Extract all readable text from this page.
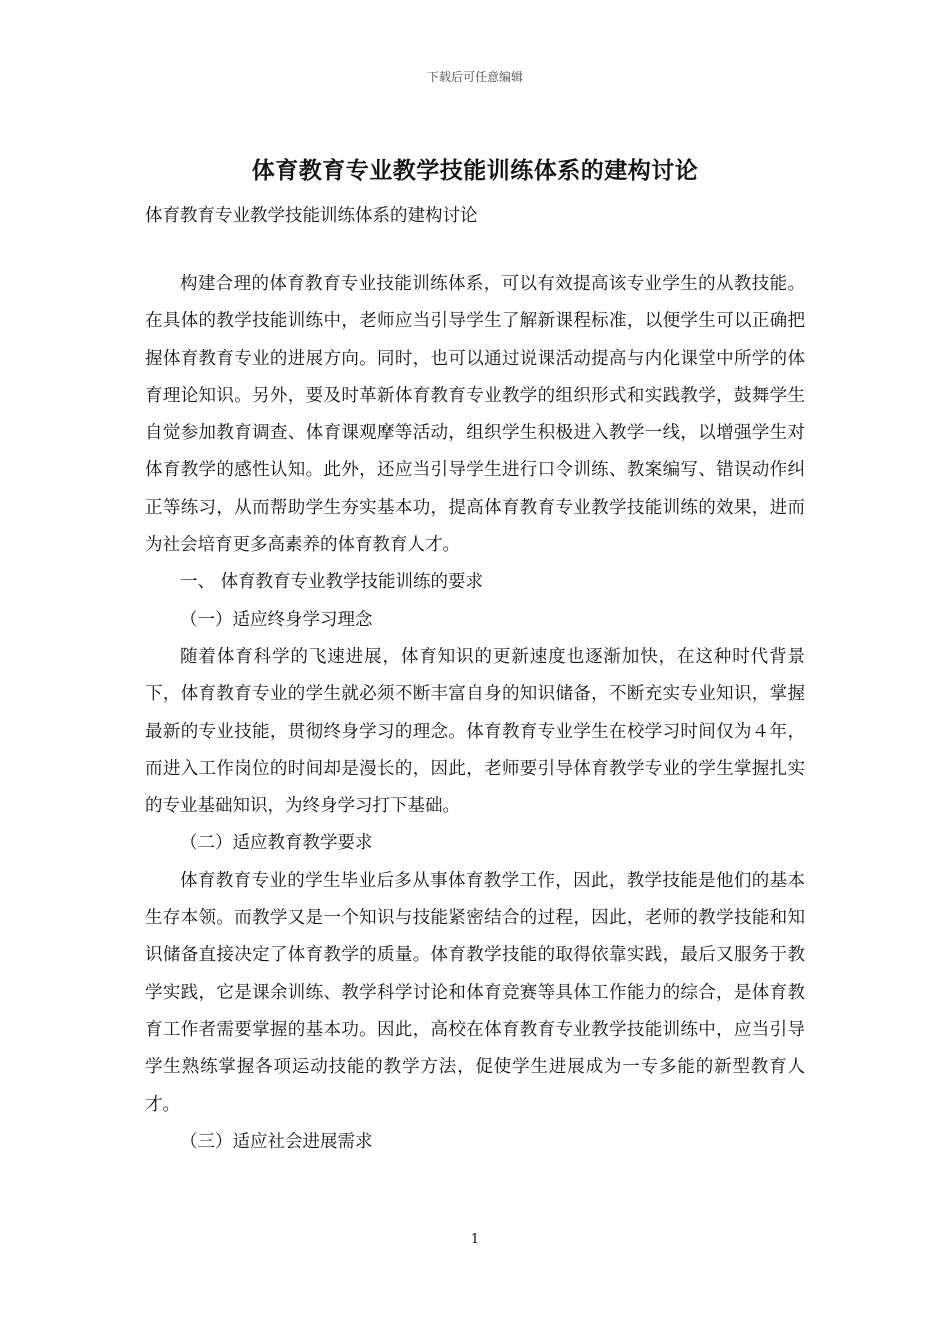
下载后可任意编辑
体育教育专业教学技能训练体系的建构讨论
体育教育专业教学技能训练体系的建构讨论

构建合理的体育教育专业技能训练体系，可以有效提高该专业学生的从教技能。在具体的教学技能训练中，老师应当引导学生了解新课程标准，以便学生可以正确把握体育教育专业的进展方向。同时，也可以通过说课活动提高与内化课堂中所学的体育理论知识。另外，要及时革新体育教育专业教学的组织形式和实践教学，鼓舞学生自觉参加教育调查、体育课观摩等活动，组织学生积极进入教学一线，以增强学生对体育教学的感性认知。此外，还应当引导学生进行口令训练、教案编写、错误动作纠正等练习，从而帮助学生夯实基本功，提高体育教育专业教学技能训练的效果，进而为社会培育更多高素养的体育教育人才。

一、 体育教育专业教学技能训练的要求

（一）适应终身学习理念

随着体育科学的飞速进展，体育知识的更新速度也逐渐加快，在这种时代背景下，体育教育专业的学生就必须不断丰富自身的知识储备，不断充实专业知识，掌握最新的专业技能，贯彻终身学习的理念。体育教育专业学生在校学习时间仅为４年，而进入工作岗位的时间却是漫长的，因此，老师要引导体育教学专业的学生掌握扎实的专业基础知识，为终身学习打下基础。

（二）适应教育教学要求

体育教育专业的学生毕业后多从事体育教学工作，因此，教学技能是他们的基本生存本领。而教学又是一个知识与技能紧密结合的过程，因此，老师的教学技能和知识储备直接决定了体育教学的质量。体育教学技能的取得依靠实践，最后又服务于教学实践，它是课余训练、教学科学讨论和体育竞赛等具体工作能力的综合，是体育教育工作者需要掌握的基本功。因此，高校在体育教育专业教学技能训练中，应当引导学生熟练掌握各项运动技能的教学方法，促使学生进展成为一专多能的新型教育人才。

（三）适应社会进展需求

1
